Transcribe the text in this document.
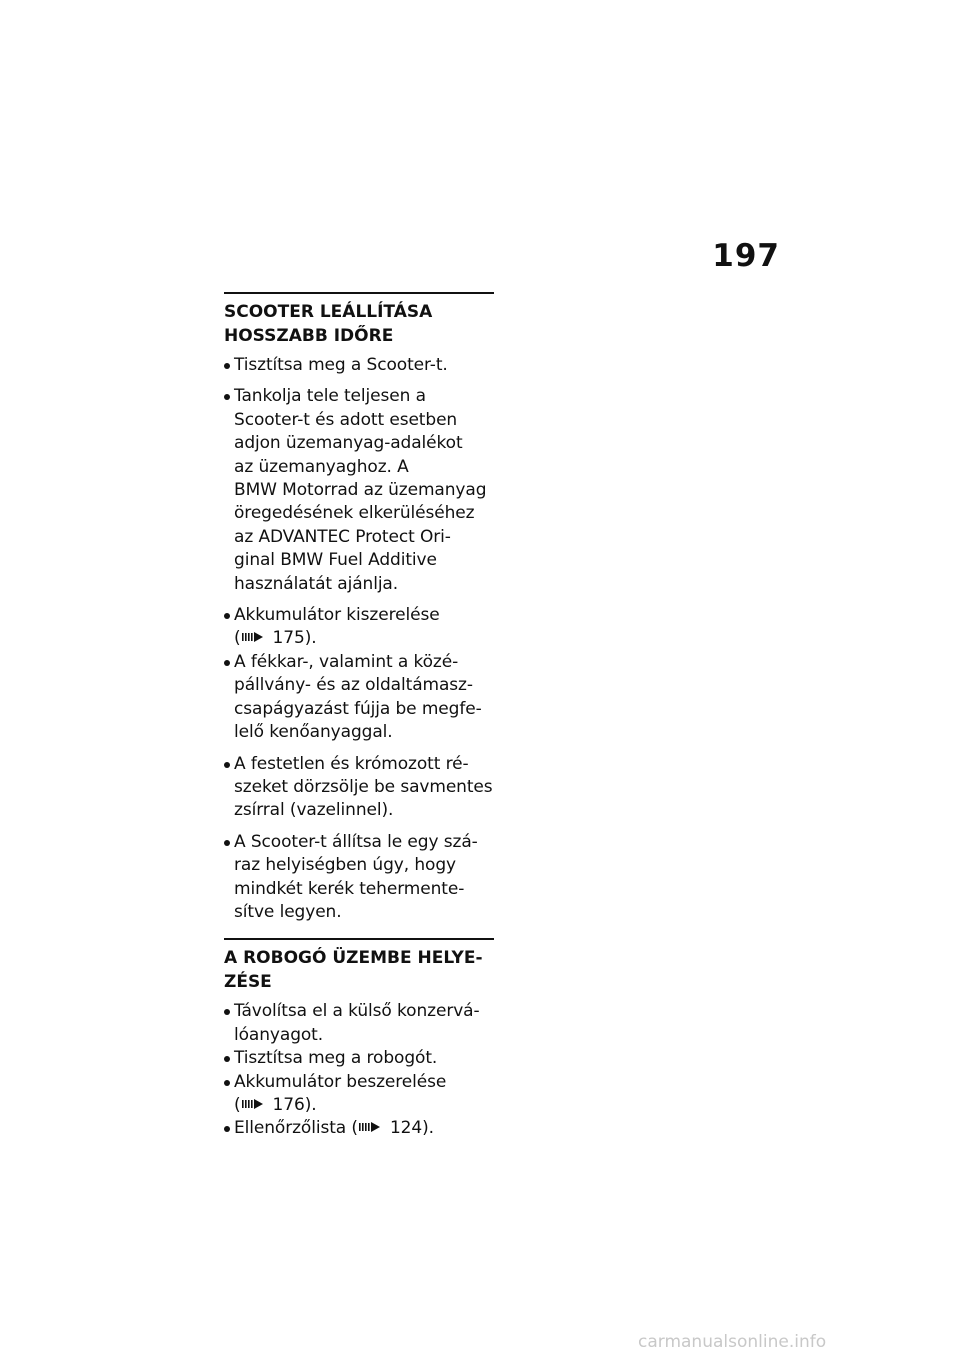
197
SCOOTER LEÁLLÍTÁSA
HOSSZABB IDŐRE
Tisztítsa meg a Scooter-t.
Tankolja tele teljesen a
Scooter-t és adott esetben
adjon üzemanyag-adalékot
az üzemanyaghoz. A
BMW Motorrad az üzemanyag
öregedésének elkerüléséhez
az ADVANTEC Protect Ori-
ginal BMW Fuel Additive
használatát ajánlja.
Akkumulátor kiszerelése
( 175).
A fékkar-, valamint a közé-
pállvány- és az oldaltámasz-
csapágyazást fújja be megfe-
lelő kenőanyaggal.
A festetlen és krómozott ré-
szeket dörzsölje be savmentes
zsírral (vazelinnel).
A Scooter-t állítsa le egy szá-
raz helyiségben úgy, hogy
mindkét kerék tehermente-
sítve legyen.
A ROBOGÓ ÜZEMBE HELYE-
ZÉSE
Távolítsa el a külső konzervá-
lóanyagot.
Tisztítsa meg a robogót.
Akkumulátor beszerelése
( 176).
Ellenőrzőlista ( 124).
carmanualsonline.info
